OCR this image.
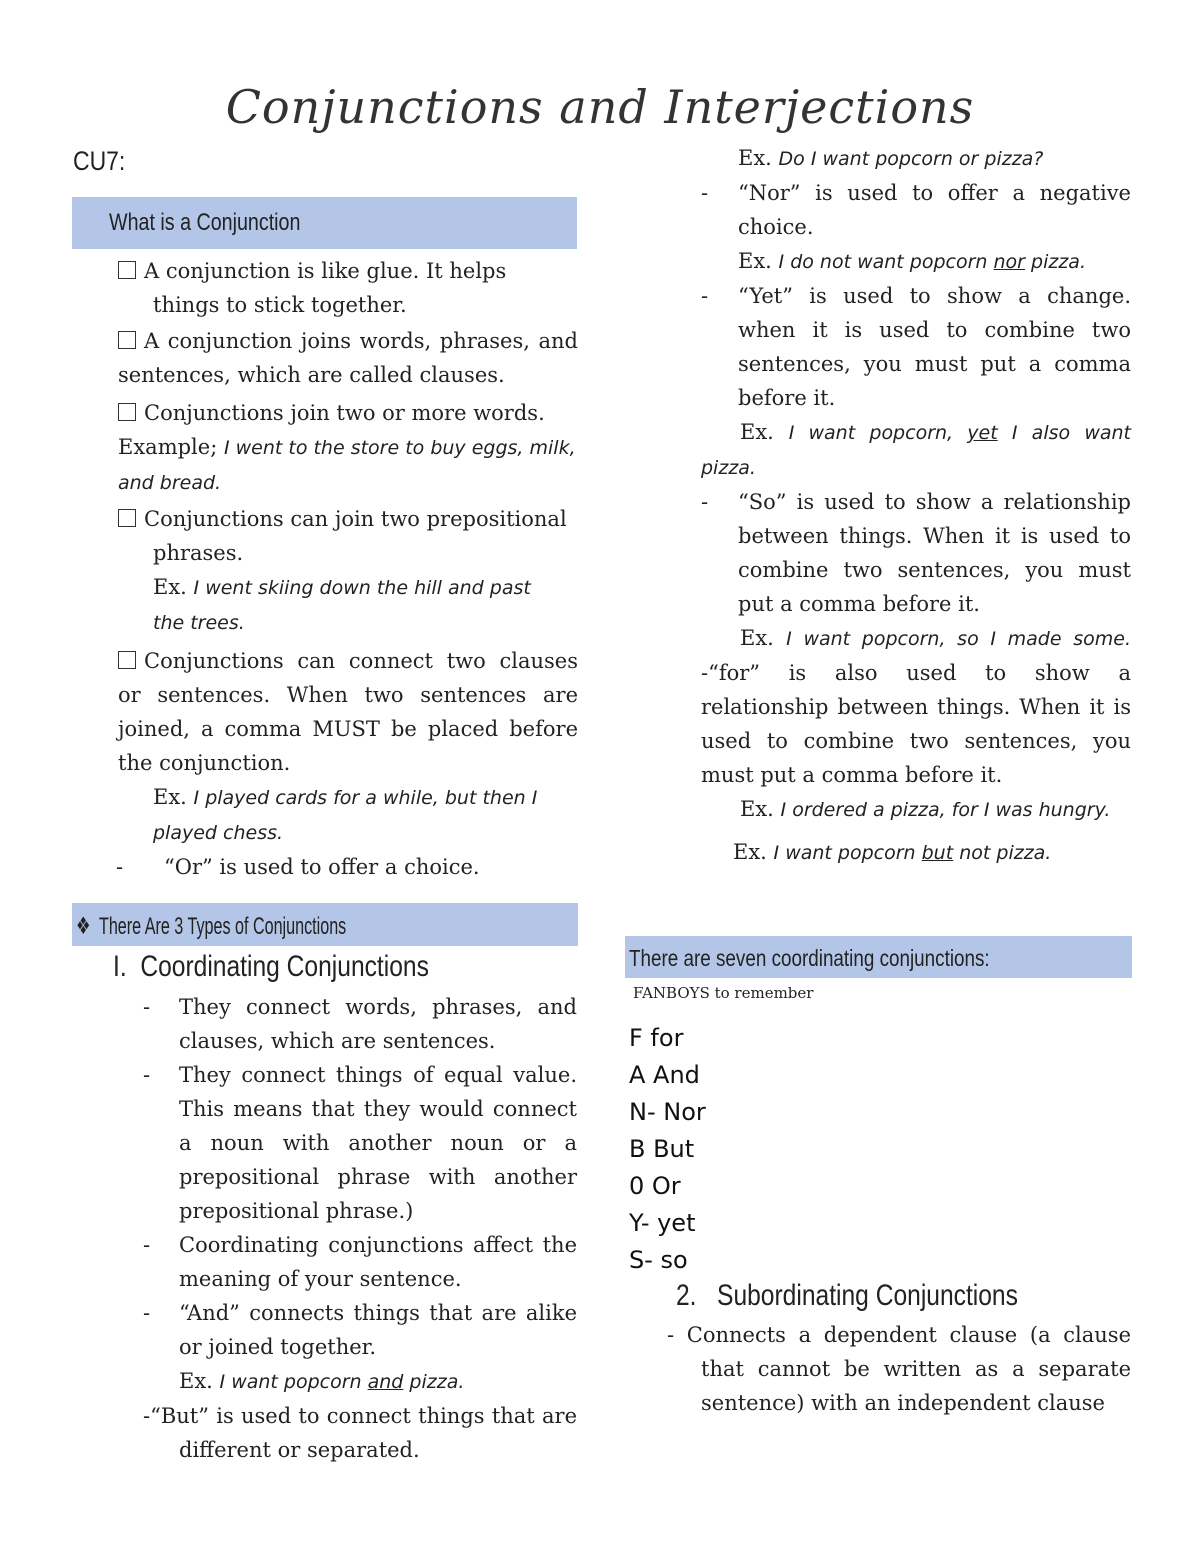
Conjunctions and Interjections
CU7:
What is a Conjunction
A conjunction is like glue. It helps things to stick together.
A conjunction joins words, phrases, and sentences, which are called clauses.
Conjunctions join two or more words.
Example; I went to the store to buy eggs, milk, and bread.
Conjunctions can join two prepositional phrases.
Ex. I went skiing down the hill and past the trees.
Conjunctions can connect two clauses or sentences. When two sentences are joined, a comma MUST be placed before the conjunction.
Ex. I played cards for a while, but then I played chess.
- “Or” is used to offer a choice.
❖ There Are 3 Types of Conjunctions
I. Coordinating Conjunctions
- They connect words, phrases, and clauses, which are sentences.
- They connect things of equal value. This means that they would connect a noun with another noun or a prepositional phrase with another prepositional phrase.)
- Coordinating conjunctions affect the meaning of your sentence.
- “And” connects things that are alike or joined together.
Ex. I want popcorn and pizza.
-“But” is used to connect things that are different or separated.
Ex. Do I want popcorn or pizza?
- “Nor” is used to offer a negative choice.
Ex. I do not want popcorn nor pizza.
- “Yet” is used to show a change. when it is used to combine two sentences, you must put a comma before it.
Ex. I want popcorn, yet I also want pizza.
- “So” is used to show a relationship between things. When it is used to combine two sentences, you must put a comma before it.
Ex. I want popcorn, so I made some. -“for” is also used to show a relationship between things. When it is used to combine two sentences, you must put a comma before it.
Ex. I ordered a pizza, for I was hungry.
Ex. I want popcorn but not pizza.
There are seven coordinating conjunctions:
FANBOYS to remember
F for
A And
N- Nor
B But
0 Or
Y- yet
S- so
2. Subordinating Conjunctions
- Connects a dependent clause (a clause that cannot be written as a separate sentence) with an independent clause
